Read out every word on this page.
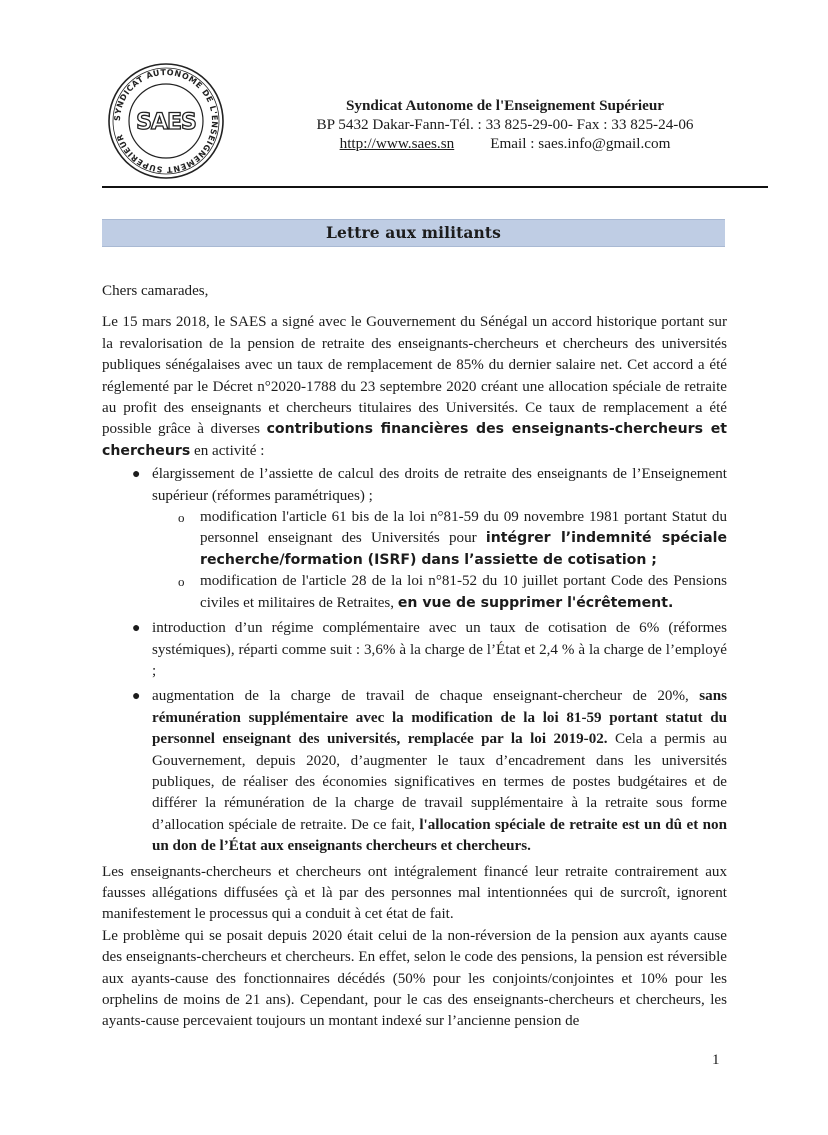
SYNDICAT AUTONOME DE L'ENSEIGNEMENT SUPERIEUR
SAES
Syndicat Autonome de l'Enseignement Supérieur
BP 5432 Dakar-Fann-Tél. : 33 825-29-00- Fax : 33 825-24-06
http://www.saes.sn Email : saes.info@gmail.com
Lettre aux militants

Chers camarades,

Le 15 mars 2018, le SAES a signé avec le Gouvernement du Sénégal un accord historique portant sur la revalorisation de la pension de retraite des enseignants-chercheurs et chercheurs des universités publiques sénégalaises avec un taux de remplacement de 85% du dernier salaire net. Cet accord a été réglementé par le Décret n°2020-1788 du 23 septembre 2020 créant une allocation spéciale de retraite au profit des enseignants et chercheurs titulaires des Universités. Ce taux de remplacement a été possible grâce à diverses contributions financières des enseignants-chercheurs et chercheurs en activité :

● élargissement de l’assiette de calcul des droits de retraite des enseignants de l’Enseignement supérieur (réformes paramétriques) ;
o modification l'article 61 bis de la loi n°81-59 du 09 novembre 1981 portant Statut du personnel enseignant des Universités pour intégrer l’indemnité spéciale recherche/formation (ISRF) dans l’assiette de cotisation ;
o modification de l'article 28 de la loi n°81-52 du 10 juillet portant Code des Pensions civiles et militaires de Retraites, en vue de supprimer l'écrêtement.
● introduction d’un régime complémentaire avec un taux de cotisation de 6% (réformes systémiques), réparti comme suit : 3,6% à la charge de l’État et 2,4 % à la charge de l’employé ;
● augmentation de la charge de travail de chaque enseignant-chercheur de 20%, sans rémunération supplémentaire avec la modification de la loi 81-59 portant statut du personnel enseignant des universités, remplacée par la loi 2019-02. Cela a permis au Gouvernement, depuis 2020, d’augmenter le taux d’encadrement dans les universités publiques, de réaliser des économies significatives en termes de postes budgétaires et de différer la rémunération de la charge de travail supplémentaire à la retraite sous forme d’allocation spéciale de retraite. De ce fait, l'allocation spéciale de retraite est un dû et non un don de l’État aux enseignants chercheurs et chercheurs.

Les enseignants-chercheurs et chercheurs ont intégralement financé leur retraite contrairement aux fausses allégations diffusées çà et là par des personnes mal intentionnées qui de surcroît, ignorent manifestement le processus qui a conduit à cet état de fait.

Le problème qui se posait depuis 2020 était celui de la non-réversion de la pension aux ayants cause des enseignants-chercheurs et chercheurs. En effet, selon le code des pensions, la pension est réversible aux ayants-cause des fonctionnaires décédés (50% pour les conjoints/conjointes et 10% pour les orphelins de moins de 21 ans). Cependant, pour le cas des enseignants-chercheurs et chercheurs, les ayants-cause percevaient toujours un montant indexé sur l’ancienne pension de

1
